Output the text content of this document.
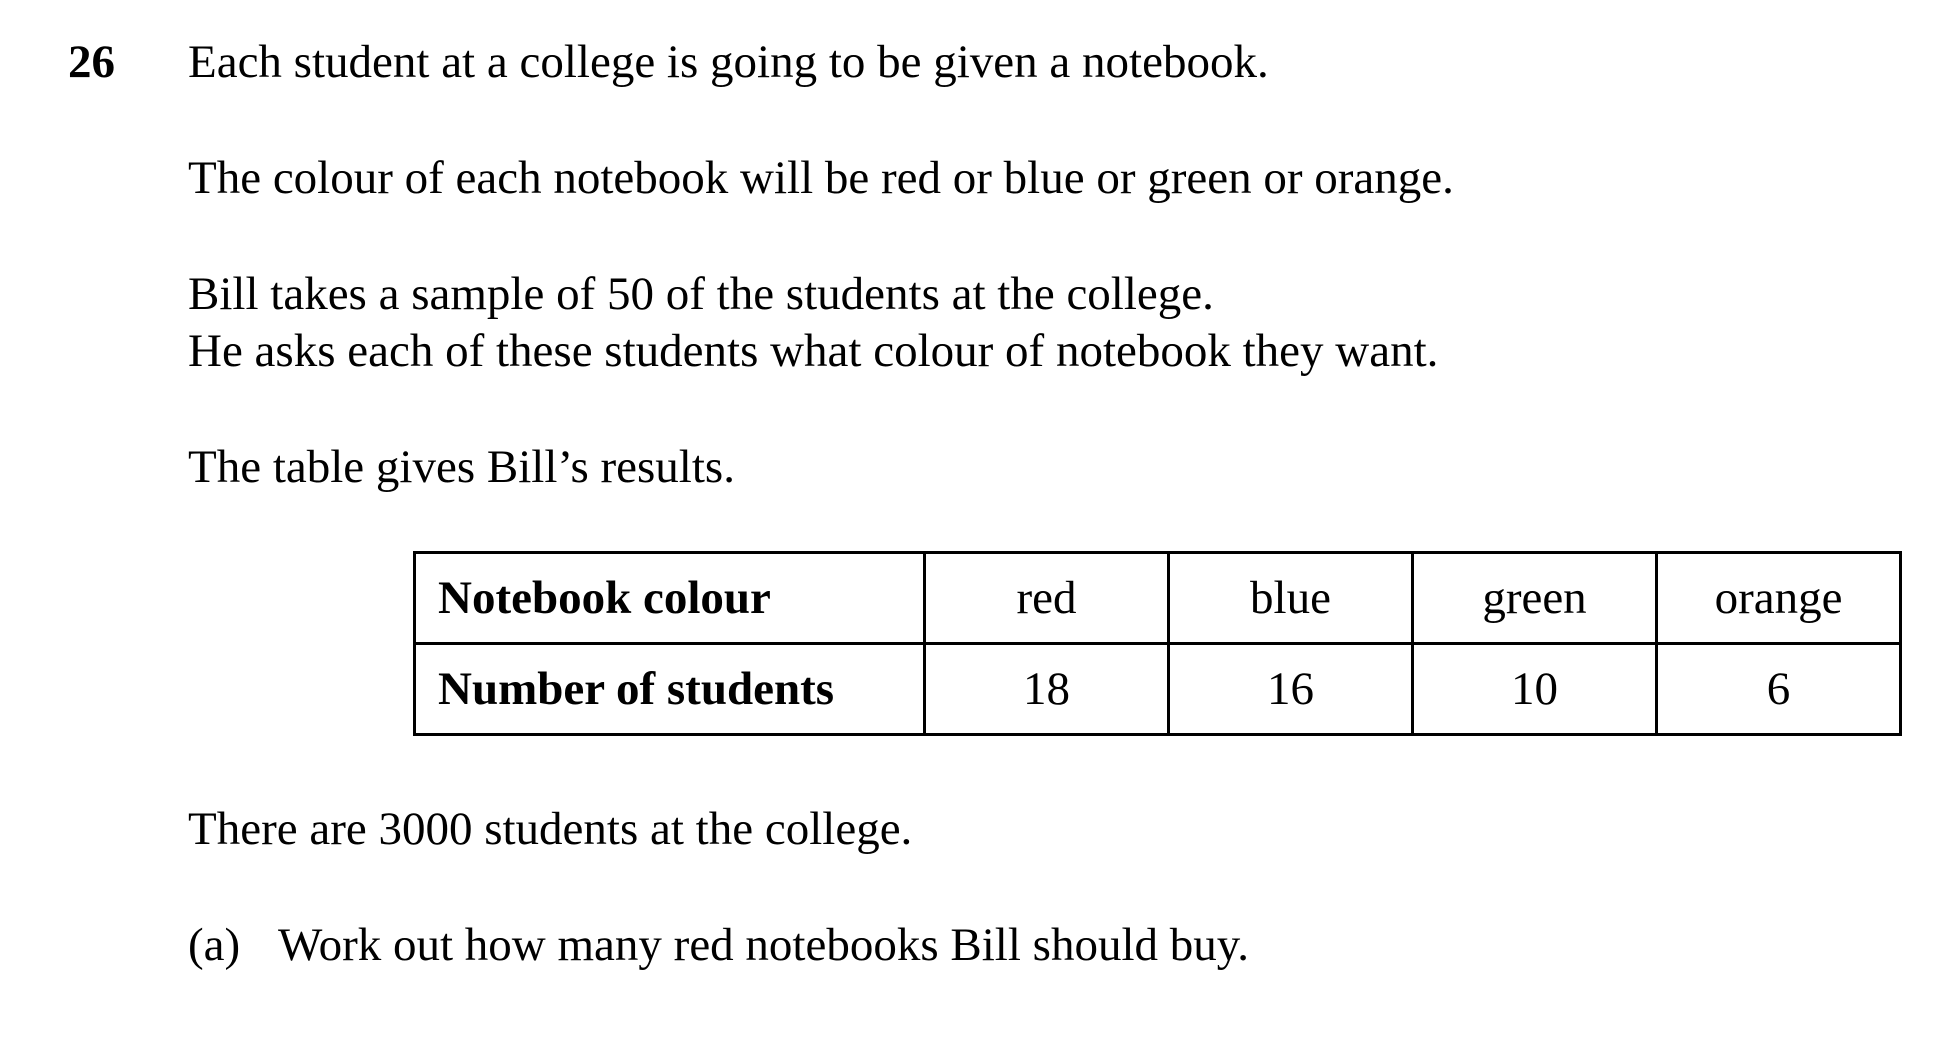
26 Each student at a college is going to be given a notebook.
The colour of each notebook will be red or blue or green or orange.
Bill takes a sample of 50 of the students at the college.
He asks each of these students what colour of notebook they want.
The table gives Bill’s results.
Notebook colour	red	blue	green	orange
Number of students	18	16	10	6
There are 3000 students at the college.
(a) Work out how many red notebooks Bill should buy.
